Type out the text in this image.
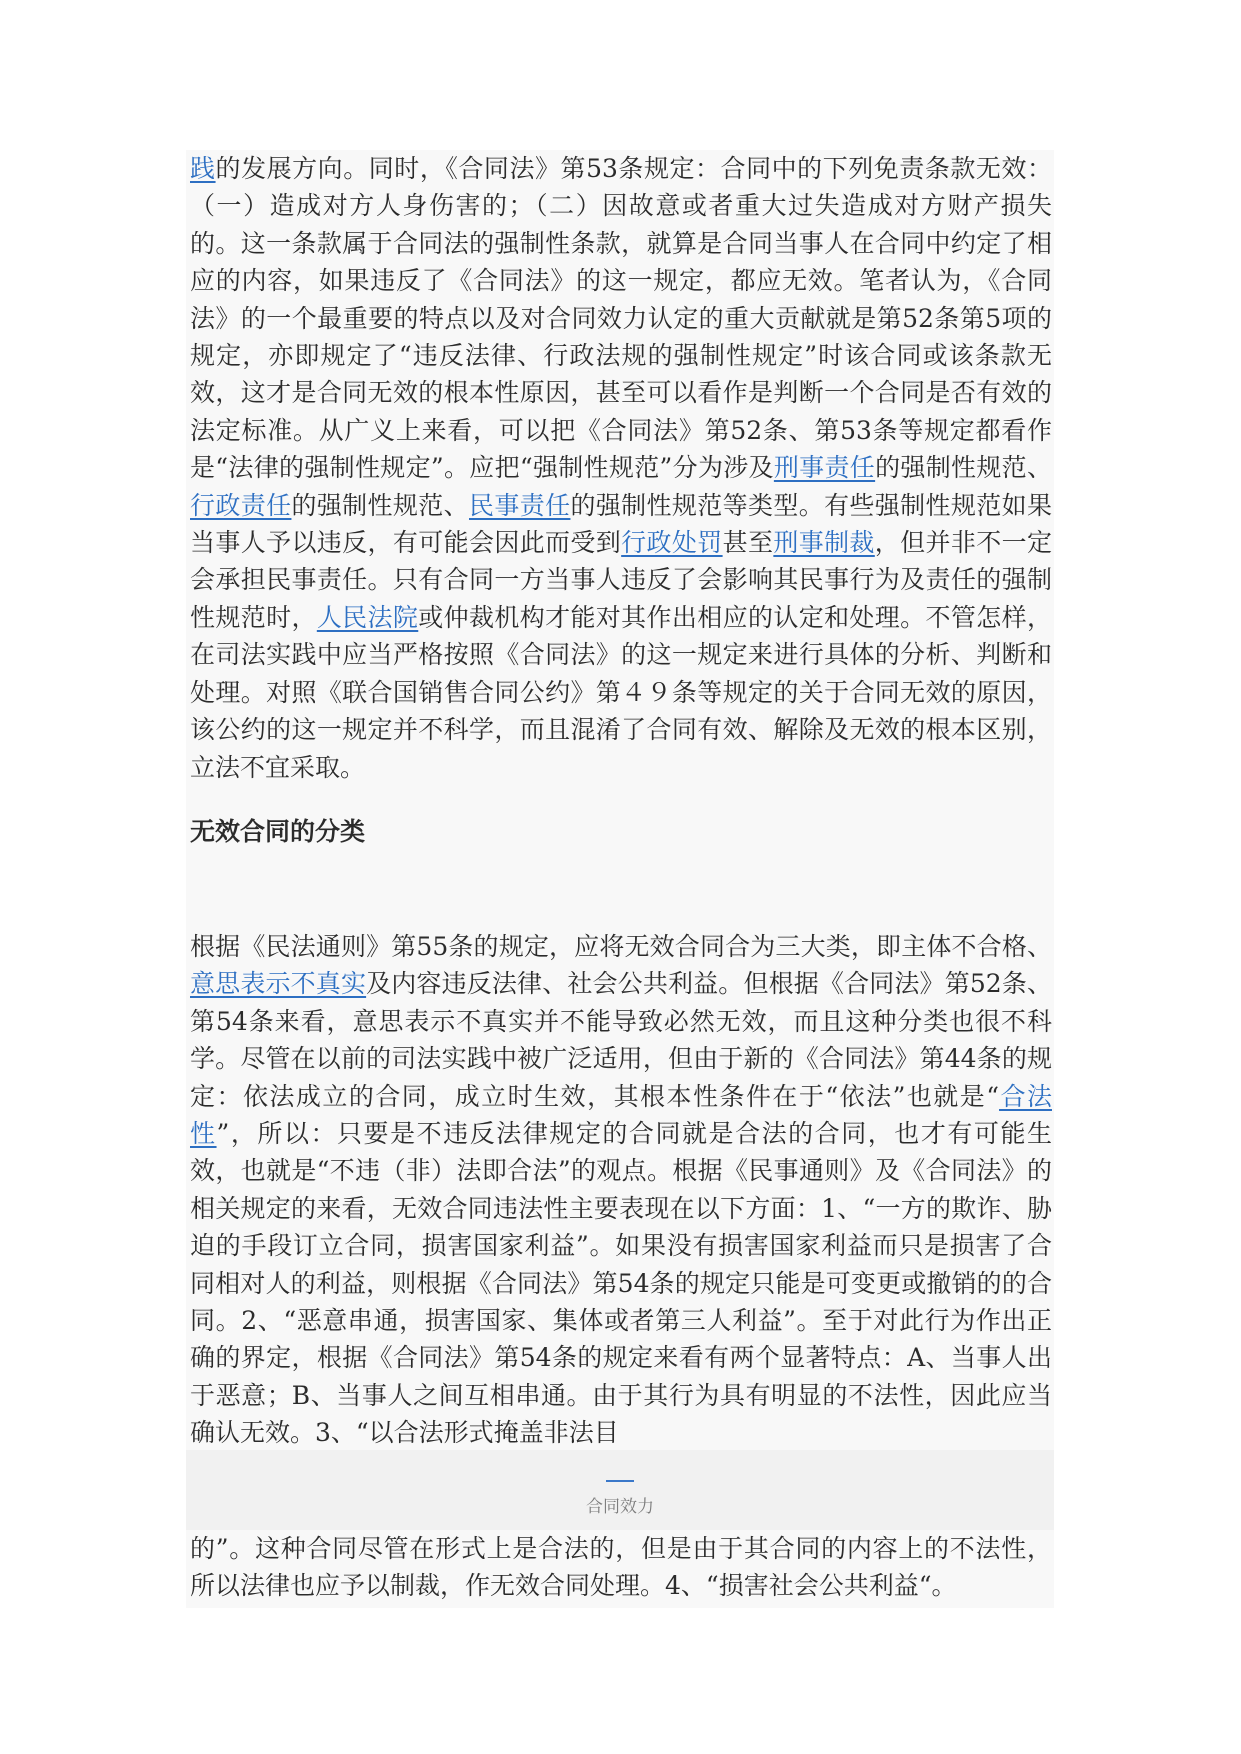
践的发展方向。同时，《合同法》第53条规定：合同中的下列免责条款无效：（一）造成对方人身伤害的；（二）因故意或者重大过失造成对方财产损失的。这一条款属于合同法的强制性条款，就算是合同当事人在合同中约定了相应的内容，如果违反了《合同法》的这一规定，都应无效。笔者认为，《合同法》的一个最重要的特点以及对合同效力认定的重大贡献就是第52条第5项的规定，亦即规定了“违反法律、行政法规的强制性规定”时该合同或该条款无效，这才是合同无效的根本性原因，甚至可以看作是判断一个合同是否有效的法定标准。从广义上来看，可以把《合同法》第52条、第53条等规定都看作是“法律的强制性规定”。应把“强制性规范”分为涉及刑事责任的强制性规范、行政责任的强制性规范、民事责任的强制性规范等类型。有些强制性规范如果当事人予以违反，有可能会因此而受到行政处罚甚至刑事制裁，但并非不一定会承担民事责任。只有合同一方当事人违反了会影响其民事行为及责任的强制性规范时，人民法院或仲裁机构才能对其作出相应的认定和处理。不管怎样，在司法实践中应当严格按照《合同法》的这一规定来进行具体的分析、判断和处理。对照《联合国销售合同公约》第４９条等规定的关于合同无效的原因，该公约的这一规定并不科学，而且混淆了合同有效、解除及无效的根本区别，立法不宜采取。

无效合同的分类

根据《民法通则》第55条的规定，应将无效合同合为三大类，即主体不合格、意思表示不真实及内容违反法律、社会公共利益。但根据《合同法》第52条、第54条来看，意思表示不真实并不能导致必然无效，而且这种分类也很不科学。尽管在以前的司法实践中被广泛适用，但由于新的《合同法》第44条的规定：依法成立的合同，成立时生效，其根本性条件在于“依法”也就是“合法性”，所以：只要是不违反法律规定的合同就是合法的合同，也才有可能生效，也就是“不违（非）法即合法”的观点。根据《民事通则》及《合同法》的相关规定的来看，无效合同违法性主要表现在以下方面：1、“一方的欺诈、胁迫的手段订立合同，损害国家利益”。如果没有损害国家利益而只是损害了合同相对人的利益，则根据《合同法》第54条的规定只能是可变更或撤销的的合同。2、“恶意串通，损害国家、集体或者第三人利益”。至于对此行为作出正确的界定，根据《合同法》第54条的规定来看有两个显著特点：A、当事人出于恶意；B、当事人之间互相串通。由于其行为具有明显的不法性，因此应当确认无效。3、“以合法形式掩盖非法目

合同效力

的”。这种合同尽管在形式上是合法的，但是由于其合同的内容上的不法性，所以法律也应予以制裁，作无效合同处理。4、“损害社会公共利益“。
